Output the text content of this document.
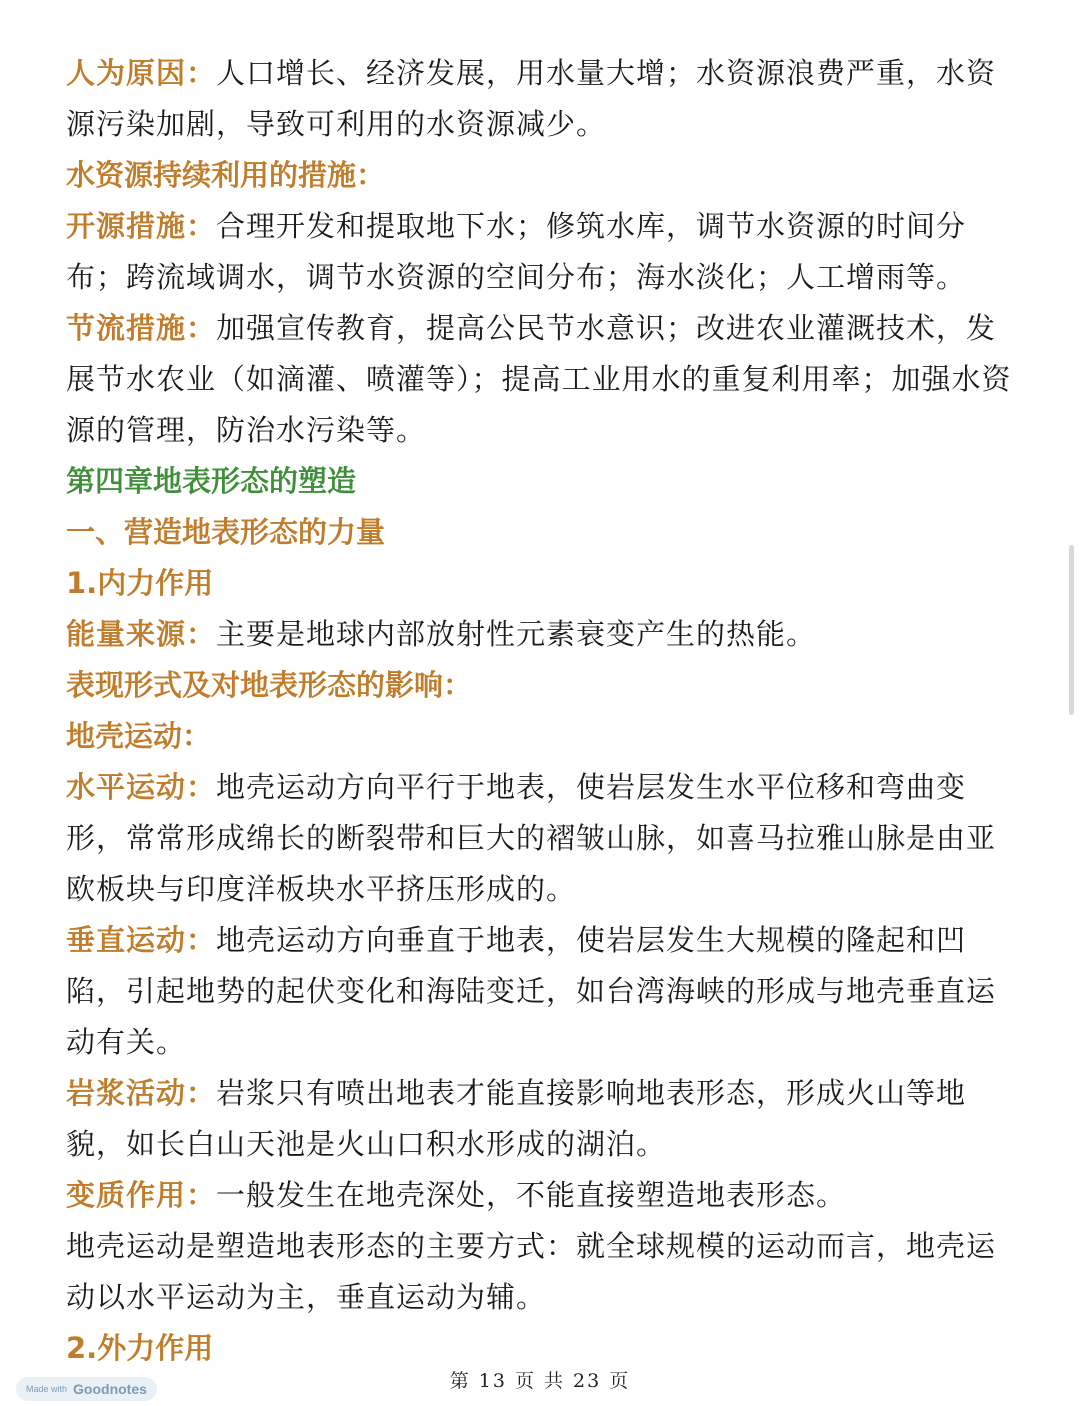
人为原因：人口增长、经济发展，用水量大增；水资源浪费严重，水资源污染加剧，导致可利用的水资源减少。

水资源持续利用的措施：

开源措施：合理开发和提取地下水；修筑水库，调节水资源的时间分布；跨流域调水，调节水资源的空间分布；海水淡化；人工增雨等。

节流措施：加强宣传教育，提高公民节水意识；改进农业灌溉技术，发展节水农业（如滴灌、喷灌等）；提高工业用水的重复利用率；加强水资源的管理，防治水污染等。

第四章地表形态的塑造

一、营造地表形态的力量

1.内力作用

能量来源：主要是地球内部放射性元素衰变产生的热能。

表现形式及对地表形态的影响：

地壳运动：

水平运动：地壳运动方向平行于地表，使岩层发生水平位移和弯曲变形，常常形成绵长的断裂带和巨大的褶皱山脉，如喜马拉雅山脉是由亚欧板块与印度洋板块水平挤压形成的。

垂直运动：地壳运动方向垂直于地表，使岩层发生大规模的隆起和凹陷，引起地势的起伏变化和海陆变迁，如台湾海峡的形成与地壳垂直运动有关。

岩浆活动：岩浆只有喷出地表才能直接影响地表形态，形成火山等地貌，如长白山天池是火山口积水形成的湖泊。

变质作用：一般发生在地壳深处，不能直接塑造地表形态。

地壳运动是塑造地表形态的主要方式：就全球规模的运动而言，地壳运动以水平运动为主，垂直运动为辅。

2.外力作用

Made with Goodnotes	第 13 页 共 23 页
